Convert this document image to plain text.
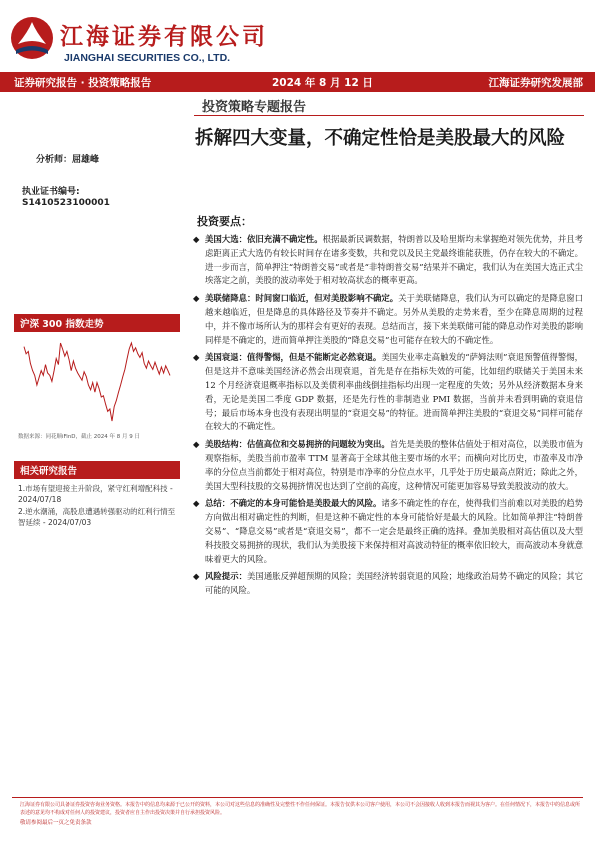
江海证券有限公司
JIANGHAI SECURITIES CO., LTD.
证券研究报告 · 投资策略报告	2024 年 8 月 12 日	江海证券研究发展部
投资策略专题报告
拆解四大变量，不确定性恰是美股最大的风险
分析师：屈雄峰
执业证书编号:
S1410523100001
沪深 300 指数走势
数据来源：同花顺iFinD，截止 2024 年 8 月 9 日
相关研究报告
1.市场有望迎接主升阶段，紧守红利增配科技 - 2024/07/18
2.逆水潮涌，高股息遭遇转强驱动的红利行情至智延续 - 2024/07/03
投资要点：
◆ 美国大选：依旧充满不确定性。根据最新民调数据，特朗普以及哈里斯均未掌握绝对领先优势，并且考虑距离正式大选仍有较长时间存在诸多变数，共和党以及民主党最终谁能获胜，仍存在较大的不确定。进一步而言，简单押注“特朗普交易”或者是“非特朗普交易”结果并不确定，我们认为在美国大选正式尘埃落定之前，美股的波动率处于相对较高状态的概率更高。
◆ 美联储降息：时间窗口临近，但对美股影响不确定。关于美联储降息，我们认为可以确定的是降息窗口越来越临近，但是降息的具体路径及节奏并不确定。另外从美股的走势来看，至少在降息周期的过程中，并不像市场所认为的那样会有更好的表现。总结而言，接下来美联储可能的降息动作对美股的影响同样是不确定的，进而简单押注美股的“降息交易”也可能存在较大的不确定性。
◆ 美国衰退：值得警惕，但是不能断定必然衰退。美国失业率走高触发的“萨姆法则”衰退预警值得警惕，但是这并不意味美国经济必然会出现衰退，首先是存在指标失效的可能，比如纽约联储关于美国未来 12 个月经济衰退概率指标以及美债利率曲线倒挂指标均出现一定程度的失效；另外从经济数据本身来看，无论是美国二季度 GDP 数据，还是先行性的非制造业 PMI 数据，当前并未看到明确的衰退信号；最后市场本身也没有表现出明显的“衰退交易”的特征。进而简单押注美股的“衰退交易”同样可能存在较大的不确定性。
◆ 美股结构：估值高位和交易拥挤的问题较为突出。首先是美股的整体估值处于相对高位，以美股市值为观察指标，美股当前市盈率 TTM 显著高于全球其他主要市场的水平；而横向对比历史，市盈率及市净率的分位点当前都处于相对高位，特别是市净率的分位点水平，几乎处于历史最高点附近；除此之外，美国大型科技股的交易拥挤情况也达到了空前的高度，这种情况可能更加容易导致美股波动的放大。
◆ 总结：不确定的本身可能恰是美股最大的风险。诸多不确定性的存在，使得我们当前难以对美股的趋势方向做出相对确定性的判断，但是这种不确定性的本身可能恰好是最大的风险。比如简单押注“特朗普交易”、“降息交易”或者是“衰退交易”，都不一定会是最终正确的选择。叠加美股相对高估值以及大型科技股交易拥挤的现状，我们认为美股接下来保持相对高波动特征的概率依旧较大，而高波动本身就意味着更大的风险。
◆ 风险提示：美国通胀反弹超预期的风险；美国经济转弱衰退的风险；地缘政治局势不确定的风险；其它可能的风险。
江海证券有限公司具备证券投资咨询业务资格。本报告中的信息均来源于已公开的资料，本公司对这些信息的准确性及完整性不作任何保证。本报告仅供本公司客户使用，本公司不会因接收人收到本报告而视其为客户。在任何情况下，本报告中的信息或所表述的意见均不构成对任何人的投资建议，投资者应自主作出投资决策并自行承担投资风险。
敬请参阅最后一页之免责条款
